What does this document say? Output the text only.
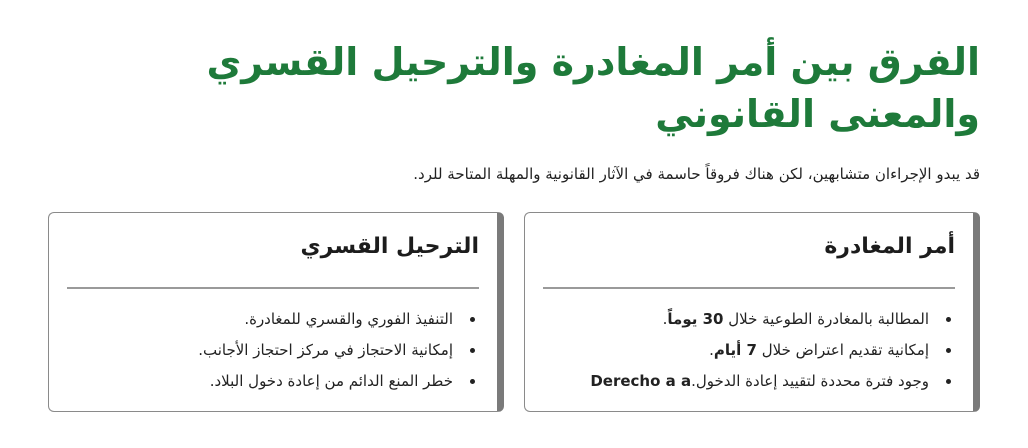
الفرق بين أمر المغادرة والترحيل القسري والمعنى القانوني

قد يبدو الإجراءان متشابهين، لكن هناك فروقاً حاسمة في الآثار القانونية والمهلة المتاحة للرد.

أمر المغادرة
المطالبة بالمغادرة الطوعية خلال 30 يوماً.
إمكانية تقديم اعتراض خلال 7 أيام.
وجود فترة محددة لتقييد إعادة الدخول.Derecho a a
الترحيل القسري
التنفيذ الفوري والقسري للمغادرة.
إمكانية الاحتجاز في مركز احتجاز الأجانب.
خطر المنع الدائم من إعادة دخول البلاد.
